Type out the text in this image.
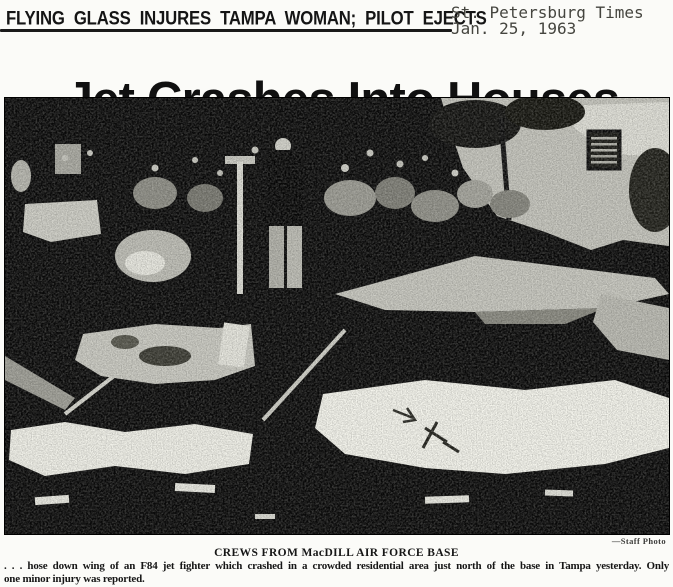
FLYING GLASS INJURES TAMPA WOMAN; PILOT EJECTS
St. Petersburg Times
Jan. 25, 1963
—Staff Photo
CREWS FROM MacDILL AIR FORCE BASE
. . . hose down wing of an F84 jet fighter which crashed in a crowded residential area just north of the base in Tampa yesterday. Only
one minor injury was reported.
